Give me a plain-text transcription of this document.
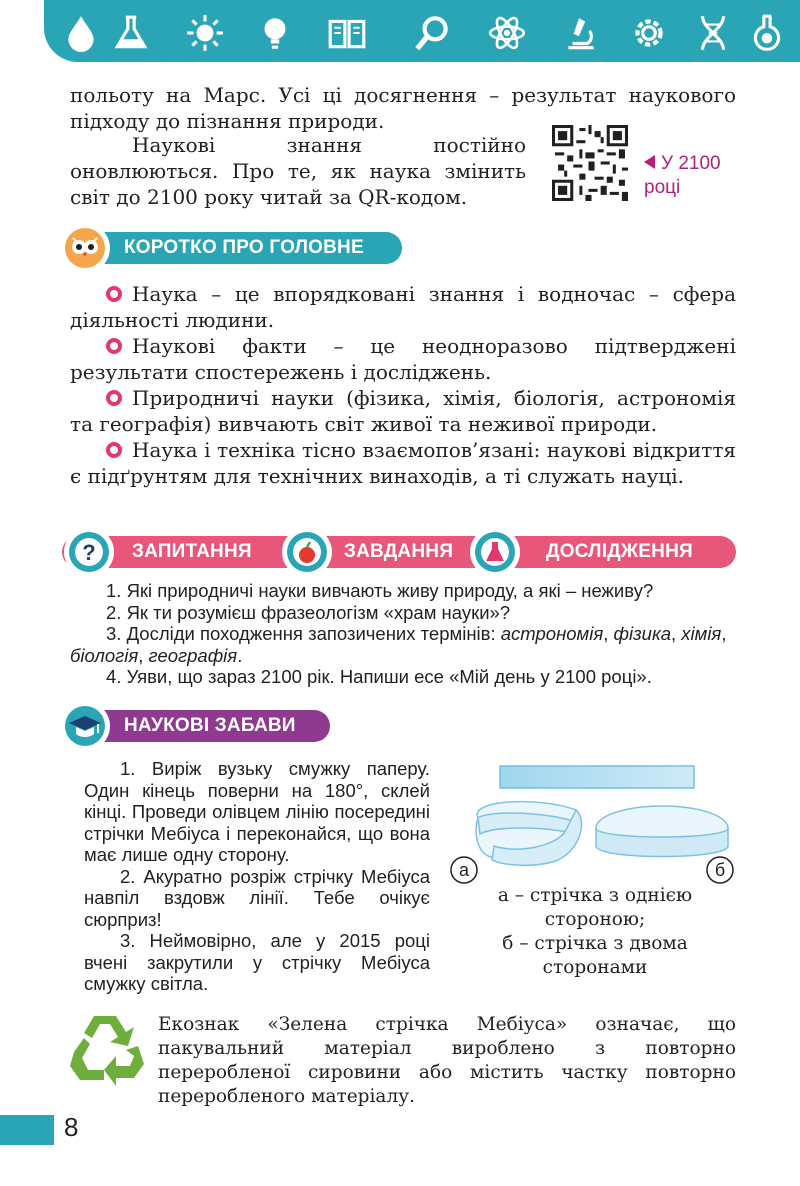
польоту на Марс. Усі ці досягнення – результат наукового підходу до пізнання природи.
Наукові знання постійно оновлюються. Про те, як наука змінить світ до 2100 року читай за QR-кодом.
У 2100 році
КОРОТКО ПРО ГОЛОВНЕ
Наука – це впорядковані знання і водночас – сфера діяльності людини.
Наукові факти – це неодноразово підтверджені результати спостережень і досліджень.
Природничі науки (фізика, хімія, біологія, астрономія та географія) вивчають світ живої та неживої природи.
Наука і техніка тісно взаємопов’язані: наукові відкриття є підґрунтям для технічних винаходів, а ті служать науці.
? ЗАПИТАННЯ	ЗАВДАННЯ	ДОСЛІДЖЕННЯ
1. Які природничі науки вивчають живу природу, а які – неживу?
2. Як ти розумієш фразеологізм «храм науки»?
3. Досліди походження запозичених термінів: астрономія, фізика, хімія, біологія, географія.
4. Уяви, що зараз 2100 рік. Напиши есе «Мій день у 2100 році».
НАУКОВІ ЗАБАВИ
1. Виріж вузьку смужку паперу. Один кінець поверни на 180°, склей кінці. Проведи олівцем лінію посередині стрічки Мебіуса і переконайся, що вона має лише одну сторону.
2. Акуратно розріж стрічку Мебіуса навпіл вздовж лінії. Тебе очікує сюрприз!
3. Неймовірно, але у 2015 році вчені закрутили у стрічку Мебіуса смужку світла.
а	б
а – стрічка з однією стороною;
б – стрічка з двома сторонами
Екознак «Зелена стрічка Мебіуса» означає, що пакувальний матеріал вироблено з повторно переробленої сировини або містить частку повторно переробленого матеріалу.
8
